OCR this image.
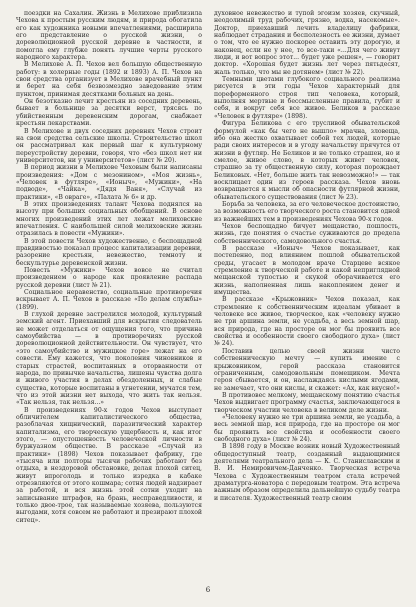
поездки на Сахалин. Жизнь в Мелихове приблизила Чехова к простым русским людям, и природа обогатила его как художника новыми впечатлениями, расширила его представление о русской жизни, о дореволюционной русской деревне в частности, и помогла ему глубже понять лучшие черты русского народного характера.

В Мелихове А. П. Чехов вел большую общественную работу: в холерные годы (1892 и 1893) А. П. Чехов на свои средства организует в Мелихове врачебный пункт и берет на себя безвозмездно заведование этим пунктом, принимая десятками больных на день.

Он безотказно лечит крестьян из соседних деревень, бывает в больнице за десятки верст, трясясь по убийственным деревенским дорогам, снабжает крестьян лекарствами.

В Мелихове и двух соседних деревнях Чехов строит на свои средства сельские школы. Строительство школ он рассматривал как первый шаг к культурному переустройству деревни, говоря, что «без школ нет ни университетов, ни у университетов» (лист № 20).

В период жизни в Мелихове Чеховым были написаны произведения: «Дом с мезонином», «Моя жизнь», «Человек в футляре», «Ионыч», «Мужики», «На подводе», «Чайка», «Дядя Ваня», «Случай из практики», «В овраге», «Палата № 6» и др.

В этих произведениях талант Чехова поднялся на высоту при больших социальных обобщений. В основе многих произведений этих лет лежат мелиховские впечатления. С наибольшей силой мелиховские жизнь отразилась в повести «Мужики».

В этой повести Чехов художественно, с беспощадной правдивостью показал процесс капитализации деревни, разорение крестьян, невежество, темноту и бескультурье деревенской жизни.

Повесть «Мужики» Чехов вовсе не считал произведением о народе как проявление распада русской деревни (лист № 21).

Социальное неравенство, социальные противоречия вскрывает А. П. Чехов в рассказе «По делам службы» (1899).

В глухой деревне застрелился молодой, культурный земский агент. Приехавший для вскрытия следователь не может отделаться от ощущения того, что причина самоубийства — в противоречиях русской дореволюционной действительности. Он чувствует, что «это самоубийство и мужицкое горе» лежат на его совести. Ему кажется, что поколения чиновников и старых страстей, воспитанных в оторванности от народа, по привычке начальства, лишены чувства долга и живого участия в делах обездоленных, и слабые существа, которые воспитаны в угнетении, мучатся тем, что из этой жизни нет выхода, что жить так нельзя. «Так нельзя, так нельзя...»

В произведениях 90-х годов Чехов выступает обличителем капиталистического общества, разоблачая хищнический, паразитический характер капитализма, его творческую ущербность и, как итог этого, — опустошенность человеческой личности в буржуазном обществе. В рассказе «Случай из практики» (1898) Чехов показывает фабрику, где «тысяча или полторы тысячи рабочих работают без отдыха, в нездоровой обстановке, делая плохой ситец, живут впроголодь и только изредка в кабаке отрезвляются от этого кошмара; сотня людей надзирает за работой, и вся жизнь этой сотни уходит на записывание штрафов, на брань, несправедливости, и только двое-трое, так называемые хозяева, пользуются выгодами, хотя совсем не работают и презирают плохой ситец».

духовное невежество и тупой эгоизм хозяев, скучный, неодолимый труд рабочих, грязно, водка, насекомые». Доктор, приехавший лечить владелицу фабрики, наблюдает страдания и бесполезность ее жизни, думает о том, что ее нужно поскорее оставить эту дорогую, и наконец, если не у нее, то все-таки «...Для чего живут люди, и вот вопрос этот... будет уже решен», — говорит доктор. «Хорошая будет жизнь лет через пятьдесят, жаль только, что мы не дотянем» (лист № 22).

Темными цветами глубокого социального реализма рисуется в эти годы Чехов характерный для пореформенного строя тип человека, который, выполняя мертвые и бессмысленные правила, губит и себя, и вокруг себя все живое. Беликов в рассказе «Человек в футляре» (1898).

Фигура Беликова с его трусливой обывательской формулой «как бы чего не вышло» мрачна, зловеща, ибо она жестко охватывает собой тех людей, которые ради своих интересов и в угоду начальству прячутся от жизни в футляр. Не Беликов и не только страшен, но и смелое, живое слово, в которых живет человек, страшно за ту общественную силу, которая порождает Беликовых. «Нет, больше жить так невозможно!» — так восклицает один из героев рассказа. Чехов вновь возвращается к мысли об опасности футлярной жизни, обывательского существования (лист № 23).

Борьба за человека, за его человеческое достоинство, за возможность его творческого роста становится одной из важнейших тем в произведениях Чехова 90-х годов.

Чехов беспощадно бичует мещанство, пошлость, жизнь, где понятия о счастье суживаются до предела собственнического, самодовольного счастья.

В рассказе «Ионыч» Чехов показывает, как постепенно, под влиянием пошлой обывательской среды, угасает в молодом враче Старцеве всякое стремление к творческой работе и какой неприглядной мещанской тупостью и скукой оборачивается его жизнь, наполненная лишь накоплением денег и имущества.

В рассказе «Крыжовник» Чехов показал, как стремление к собственническим идеалам убивает в человеке все живое, творческое, как «человеку нужно не три аршина земли, не усадьба, а весь земной шар, вся природа, где на просторе он мог бы проявить все свойства и особенности своего свободного духа» (лист № 24).

Поставив целью своей жизни чисто собственническую мечту — купить имение с крыжовником, герой рассказа становится ограниченным, самодовольным помещиком. Мечта героя сбывается, и он, наслаждаясь кислыми ягодами, не замечает, что они кислы, и скажет: «Ах, как вкусно!»

В противовес мелкому, мещанскому понятию счастья Чехов выдвигает программу счастья, заключающегося в творческом участии человека в великом деле жизни.

«Человеку нужно не три аршина земли, не усадьба, а весь земной шар, вся природа, где на просторе он мог бы проявить все свойства и особенности своего свободного духа» (лист № 24).

В 1898 году в Москве возник новый Художественный общедоступный театр, созданный выдающимися деятелями театрального дела — К. С. Станиславским и В. И. Немировичем-Данченко. Творческая встреча Чехова с Художественным театром стала встречей драматурга-новатора с передовым театром. Эта встреча важным образом определила дальнейшую судьбу театра и писателя. Художественный театр своим

6
